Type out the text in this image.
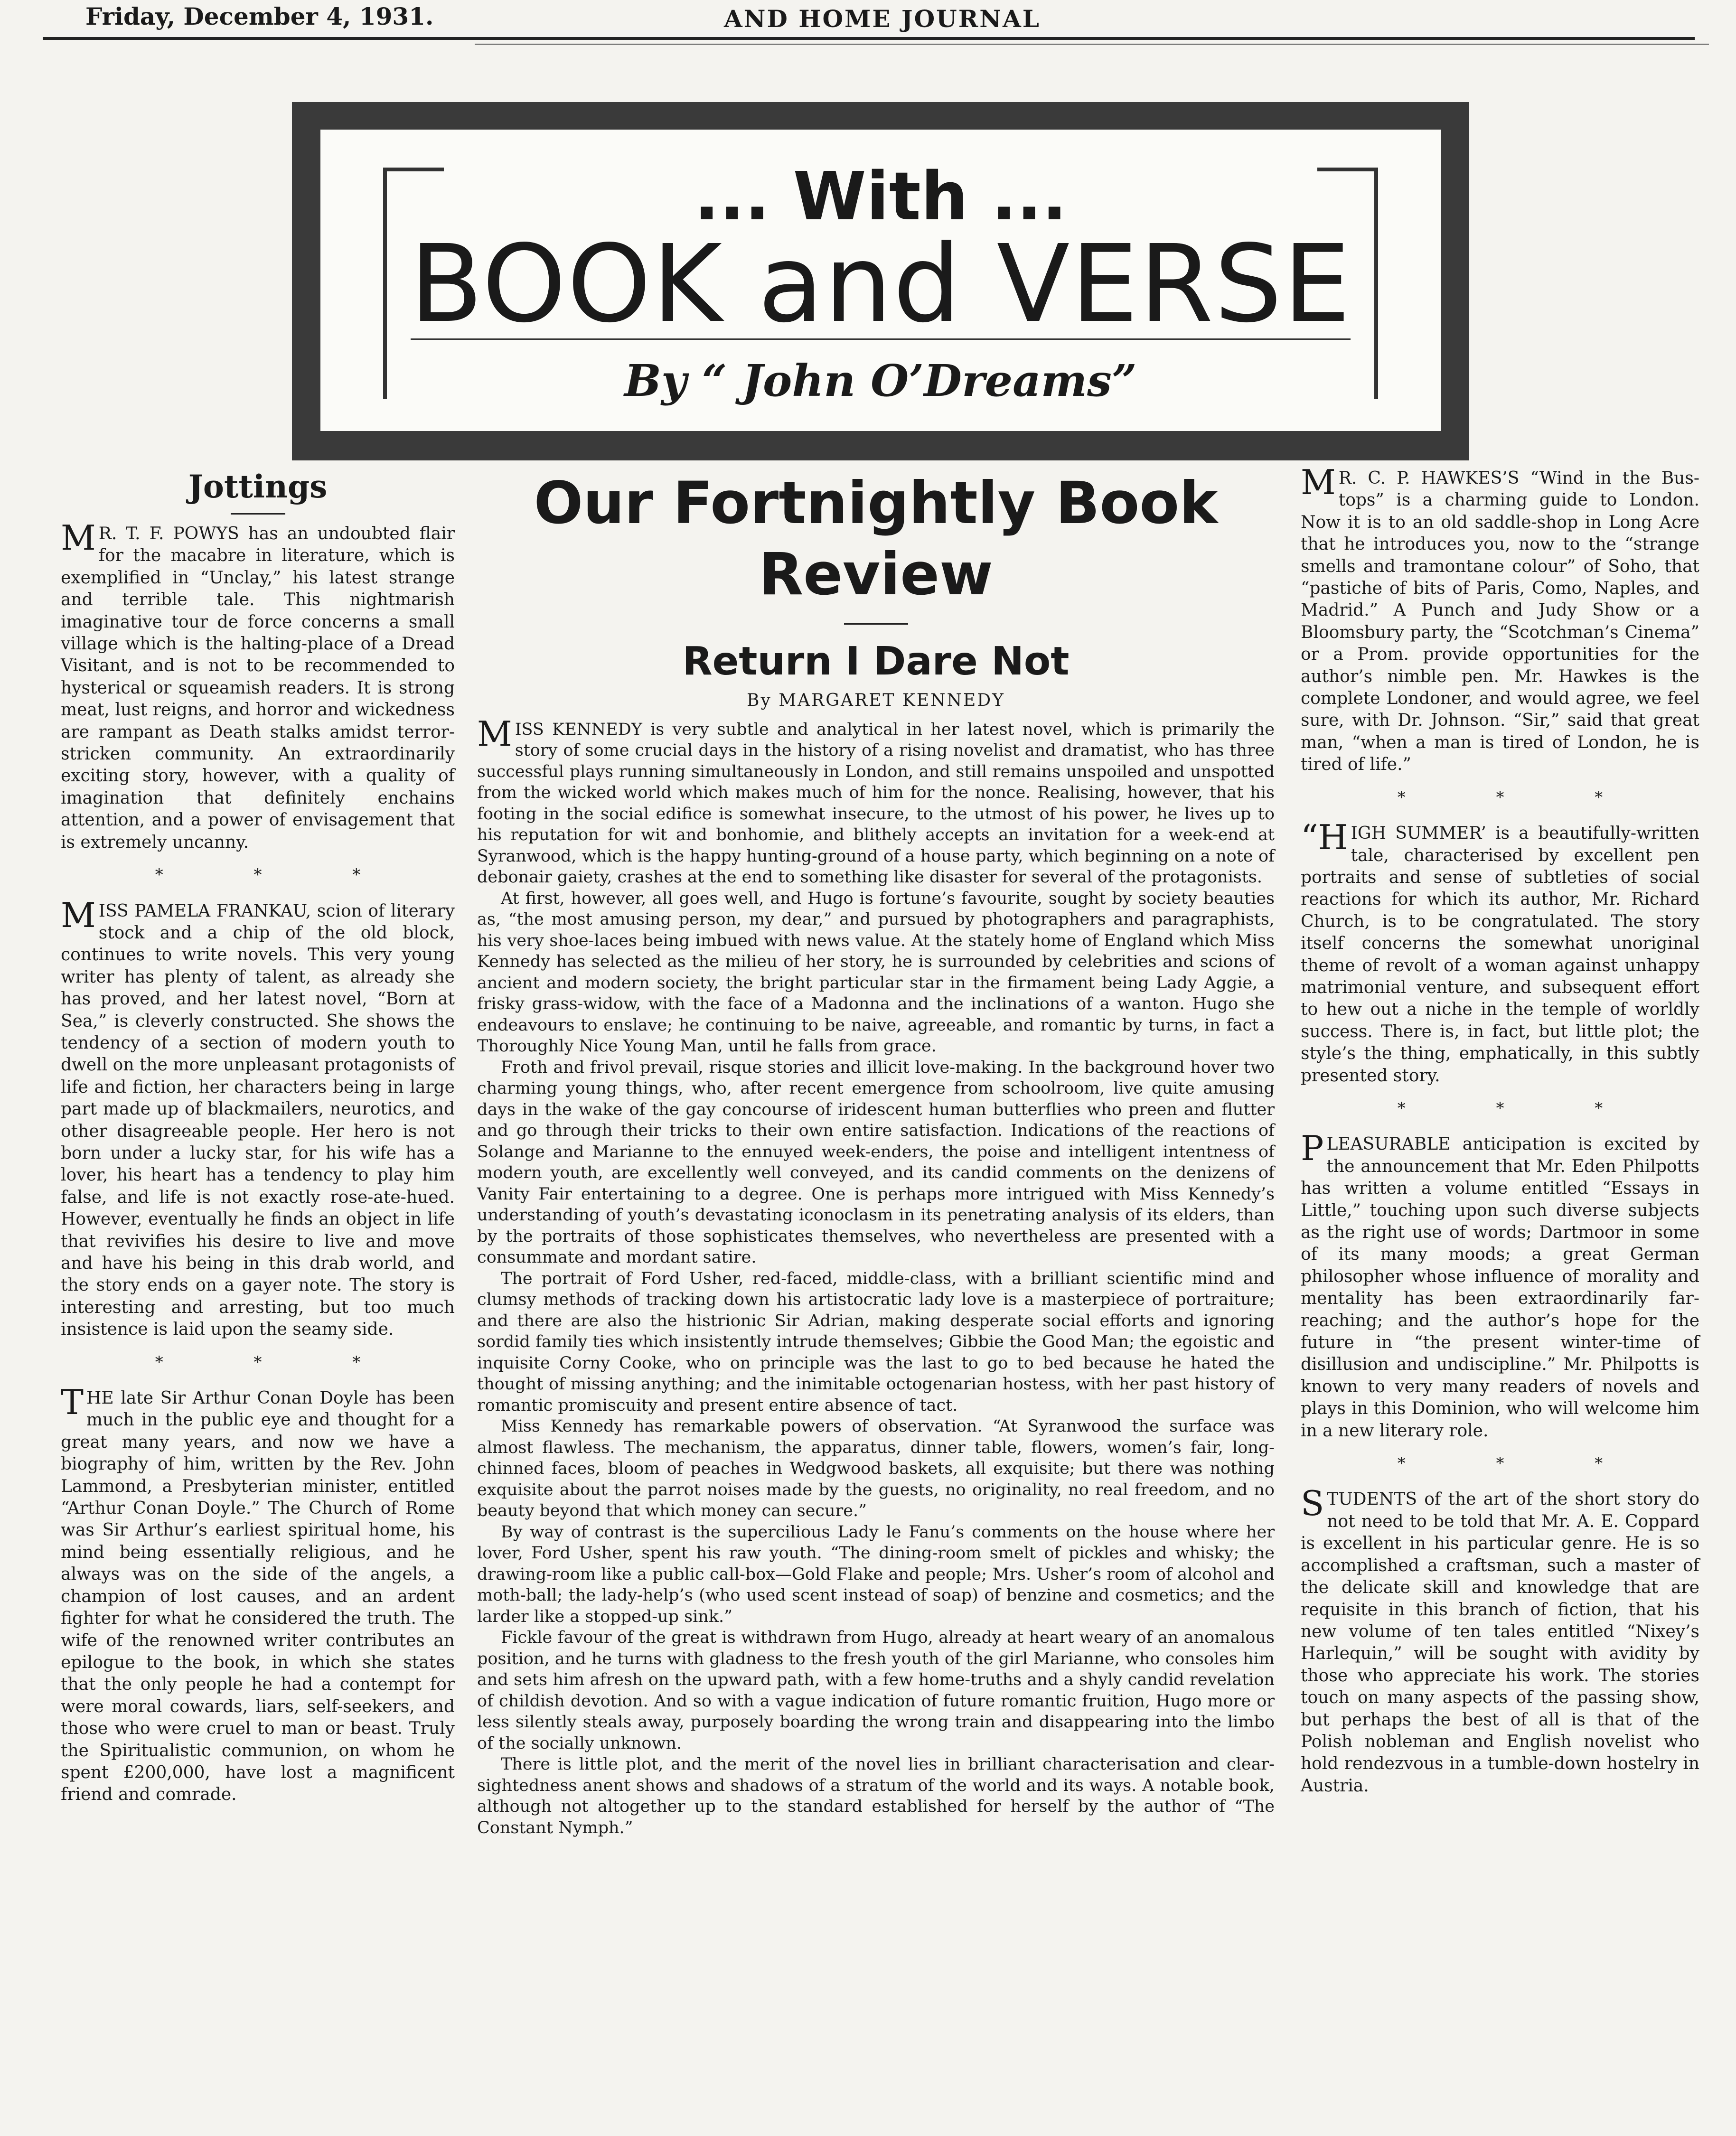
Friday, December 4, 1931.	AND HOME JOURNAL
... With ...
BOOK and VERSE
By “ John O’Dreams”
Jottings

M R. T. F. POWYS has an undoubted flair for the macabre in literature, which is exemplified in “Unclay,” his latest strange and terrible tale. This nightmarish imaginative tour de force concerns a small village which is the halting-place of a Dread Visitant, and is not to be recommended to hysterical or squeamish readers. It is strong meat, lust reigns, and horror and wickedness are rampant as Death stalks amidst terror-stricken community. An extraordinarily exciting story, however, with a quality of imagination that definitely enchains attention, and a power of envisagement that is extremely uncanny.

* * *

M ISS PAMELA FRANKAU, scion of literary stock and a chip of the old block, continues to write novels. This very young writer has plenty of talent, as already she has proved, and her latest novel, “Born at Sea,” is cleverly constructed. She shows the tendency of a section of modern youth to dwell on the more unpleasant protagonists of life and fiction, her characters being in large part made up of blackmailers, neurotics, and other disagreeable people. Her hero is not born under a lucky star, for his wife has a lover, his heart has a tendency to play him false, and life is not exactly rose-ate-hued. However, eventually he finds an object in life that revivifies his desire to live and move and have his being in this drab world, and the story ends on a gayer note. The story is interesting and arresting, but too much insistence is laid upon the seamy side.

* * *

T HE late Sir Arthur Conan Doyle has been much in the public eye and thought for a great many years, and now we have a biography of him, written by the Rev. John Lammond, a Presbyterian minister, entitled “Arthur Conan Doyle.” The Church of Rome was Sir Arthur’s earliest spiritual home, his mind being essentially religious, and he always was on the side of the angels, a champion of lost causes, and an ardent fighter for what he considered the truth. The wife of the renowned writer contributes an epilogue to the book, in which she states that the only people he had a contempt for were moral cowards, liars, self-seekers, and those who were cruel to man or beast. Truly the Spiritualistic communion, on whom he spent £200,000, have lost a magnificent friend and comrade.

Our Fortnightly Book Review
Return I Dare Not
By MARGARET KENNEDY

M ISS KENNEDY is very subtle and analytical in her latest novel, which is primarily the story of some crucial days in the history of a rising novelist and dramatist, who has three successful plays running simultaneously in London, and still remains unspoiled and unspotted from the wicked world which makes much of him for the nonce. Realising, however, that his footing in the social edifice is somewhat insecure, to the utmost of his power, he lives up to his reputation for wit and bonhomie, and blithely accepts an invitation for a week-end at Syranwood, which is the happy hunting-ground of a house party, which beginning on a note of debonair gaiety, crashes at the end to something like disaster for several of the protagonists.

At first, however, all goes well, and Hugo is fortune’s favourite, sought by society beauties as, “the most amusing person, my dear,” and pursued by photographers and paragraphists, his very shoe-laces being imbued with news value. At the stately home of England which Miss Kennedy has selected as the milieu of her story, he is surrounded by celebrities and scions of ancient and modern society, the bright particular star in the firmament being Lady Aggie, a frisky grass-widow, with the face of a Madonna and the inclinations of a wanton. Hugo she endeavours to enslave; he continuing to be naive, agreeable, and romantic by turns, in fact a Thoroughly Nice Young Man, until he falls from grace.

Froth and frivol prevail, risque stories and illicit love-making. In the background hover two charming young things, who, after recent emergence from schoolroom, live quite amusing days in the wake of the gay concourse of iridescent human butterflies who preen and flutter and go through their tricks to their own entire satisfaction. Indications of the reactions of Solange and Marianne to the ennuyed week-enders, the poise and intelligent intentness of modern youth, are excellently well conveyed, and its candid comments on the denizens of Vanity Fair entertaining to a degree. One is perhaps more intrigued with Miss Kennedy’s understanding of youth’s devastating iconoclasm in its penetrating analysis of its elders, than by the portraits of those sophisticates themselves, who nevertheless are presented with a consummate and mordant satire.

The portrait of Ford Usher, red-faced, middle-class, with a brilliant scientific mind and clumsy methods of tracking down his artistocratic lady love is a masterpiece of portraiture; and there are also the histrionic Sir Adrian, making desperate social efforts and ignoring sordid family ties which insistently intrude themselves; Gibbie the Good Man; the egoistic and inquisite Corny Cooke, who on principle was the last to go to bed because he hated the thought of missing anything; and the inimitable octogenarian hostess, with her past history of romantic promiscuity and present entire absence of tact.

Miss Kennedy has remarkable powers of observation. “At Syranwood the surface was almost flawless. The mechanism, the apparatus, dinner table, flowers, women’s fair, long-chinned faces, bloom of peaches in Wedgwood baskets, all exquisite; but there was nothing exquisite about the parrot noises made by the guests, no originality, no real freedom, and no beauty beyond that which money can secure.”

By way of contrast is the supercilious Lady le Fanu’s comments on the house where her lover, Ford Usher, spent his raw youth. “The dining-room smelt of pickles and whisky; the drawing-room like a public call-box—Gold Flake and people; Mrs. Usher’s room of alcohol and moth-ball; the lady-help’s (who used scent instead of soap) of benzine and cosmetics; and the larder like a stopped-up sink.”

Fickle favour of the great is withdrawn from Hugo, already at heart weary of an anomalous position, and he turns with gladness to the fresh youth of the girl Marianne, who consoles him and sets him afresh on the upward path, with a few home-truths and a shyly candid revelation of childish devotion. And so with a vague indication of future romantic fruition, Hugo more or less silently steals away, purposely boarding the wrong train and disappearing into the limbo of the socially unknown.

There is little plot, and the merit of the novel lies in brilliant characterisation and clear-sightedness anent shows and shadows of a stratum of the world and its ways. A notable book, although not altogether up to the standard established for herself by the author of “The Constant Nymph.”

M R. C. P. HAWKES’S “Wind in the Bus-tops” is a charming guide to London. Now it is to an old saddle-shop in Long Acre that he introduces you, now to the “strange smells and tramontane colour” of Soho, that “pastiche of bits of Paris, Como, Naples, and Madrid.” A Punch and Judy Show or a Bloomsbury party, the “Scotchman’s Cinema” or a Prom. provide opportunities for the author’s nimble pen. Mr. Hawkes is the complete Londoner, and would agree, we feel sure, with Dr. Johnson. “Sir,” said that great man, “when a man is tired of London, he is tired of life.”

* * *

“H IGH SUMMER’ is a beautifully-written tale, characterised by excellent pen portraits and sense of subtleties of social reactions for which its author, Mr. Richard Church, is to be congratulated. The story itself concerns the somewhat unoriginal theme of revolt of a woman against unhappy matrimonial venture, and subsequent effort to hew out a niche in the temple of worldly success. There is, in fact, but little plot; the style’s the thing, emphatically, in this subtly presented story.

* * *

P LEASURABLE anticipation is excited by the announcement that Mr. Eden Philpotts has written a volume entitled “Essays in Little,” touching upon such diverse subjects as the right use of words; Dartmoor in some of its many moods; a great German philosopher whose influence of morality and mentality has been extraordinarily far-reaching; and the author’s hope for the future in “the present winter-time of disillusion and undiscipline.” Mr. Philpotts is known to very many readers of novels and plays in this Dominion, who will welcome him in a new literary role.

* * *

S TUDENTS of the art of the short story do not need to be told that Mr. A. E. Coppard is excellent in his particular genre. He is so accomplished a craftsman, such a master of the delicate skill and knowledge that are requisite in this branch of fiction, that his new volume of ten tales entitled “Nixey’s Harlequin,” will be sought with avidity by those who appreciate his work. The stories touch on many aspects of the passing show, but perhaps the best of all is that of the Polish nobleman and English novelist who hold rendezvous in a tumble-down hostelry in Austria.
